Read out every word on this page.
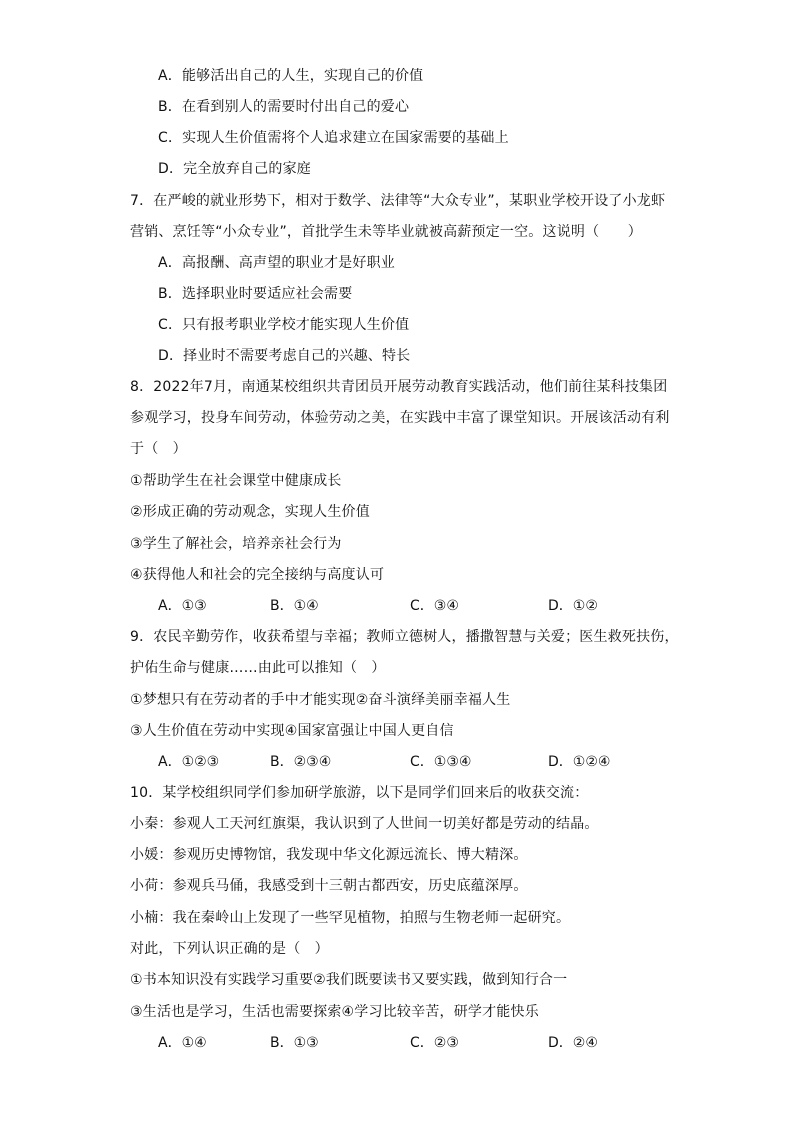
A．能够活出自己的人生，实现自己的价值
B．在看到别人的需要时付出自己的爱心
C．实现人生价值需将个人追求建立在国家需要的基础上
D．完全放弃自己的家庭
7．在严峻的就业形势下，相对于数学、法律等“大众专业”，某职业学校开设了小龙虾
营销、烹饪等“小众专业”，首批学生未等毕业就被高薪预定一空。这说明（　　）
A．高报酬、高声望的职业才是好职业
B．选择职业时要适应社会需要
C．只有报考职业学校才能实现人生价值
D．择业时不需要考虑自己的兴趣、特长
8．2022年7月，南通某校组织共青团员开展劳动教育实践活动，他们前往某科技集团
参观学习，投身车间劳动，体验劳动之美，在实践中丰富了课堂知识。开展该活动有利
于（　）
①帮助学生在社会课堂中健康成长
②形成正确的劳动观念，实现人生价值
③学生了解社会，培养亲社会行为
④获得他人和社会的完全接纳与高度认可
A．①③	B．①④	C．③④	D．①②
9．农民辛勤劳作，收获希望与幸福；教师立德树人，播撒智慧与关爱；医生救死扶伤，
护佑生命与健康……由此可以推知（　）
①梦想只有在劳动者的手中才能实现②奋斗演绎美丽幸福人生
③人生价值在劳动中实现④国家富强让中国人更自信
A．①②③	B．②③④	C．①③④	D．①②④
10．某学校组织同学们参加研学旅游，以下是同学们回来后的收获交流：
小秦：参观人工天河红旗渠，我认识到了人世间一切美好都是劳动的结晶。
小媛：参观历史博物馆，我发现中华文化源远流长、博大精深。
小荷：参观兵马俑，我感受到十三朝古都西安，历史底蕴深厚。
小楠：我在秦岭山上发现了一些罕见植物，拍照与生物老师一起研究。
对此，下列认识正确的是（　）
①书本知识没有实践学习重要②我们既要读书又要实践，做到知行合一
③生活也是学习，生活也需要探索④学习比较辛苦，研学才能快乐
A．①④	B．①③	C．②③	D．②④
